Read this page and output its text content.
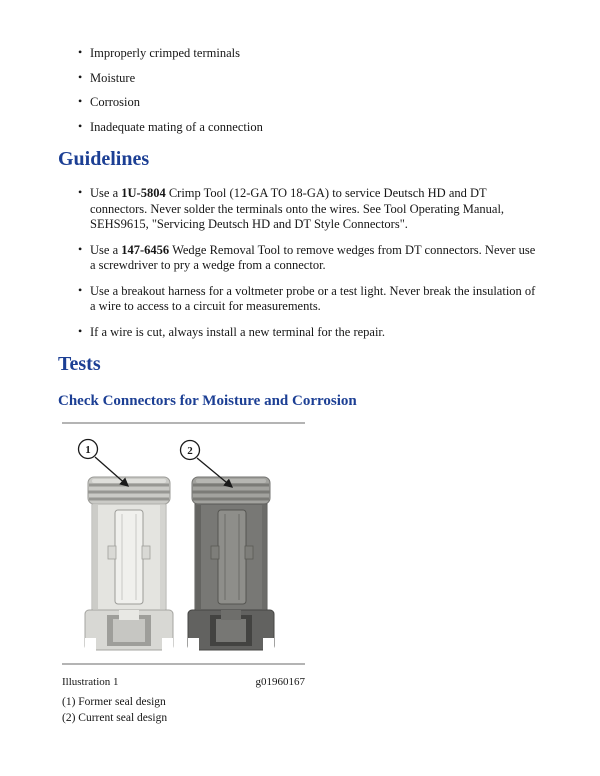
• Improperly crimped terminals
• Moisture
• Corrosion
• Inadequate mating of a connection
Guidelines
• Use a 1U-5804 Crimp Tool (12-GA TO 18-GA) to service Deutsch HD and DT connectors. Never solder the terminals onto the wires. See Tool Operating Manual, SEHS9615, "Servicing Deutsch HD and DT Style Connectors".
• Use a 147-6456 Wedge Removal Tool to remove wedges from DT connectors. Never use a screwdriver to pry a wedge from a connector.
• Use a breakout harness for a voltmeter probe or a test light. Never break the insulation of a wire to access to a circuit for measurements.
• If a wire is cut, always install a new terminal for the repair.
Tests
Check Connectors for Moisture and Corrosion
1	2
Illustration 1	g01960167
(1) Former seal design
(2) Current seal design
